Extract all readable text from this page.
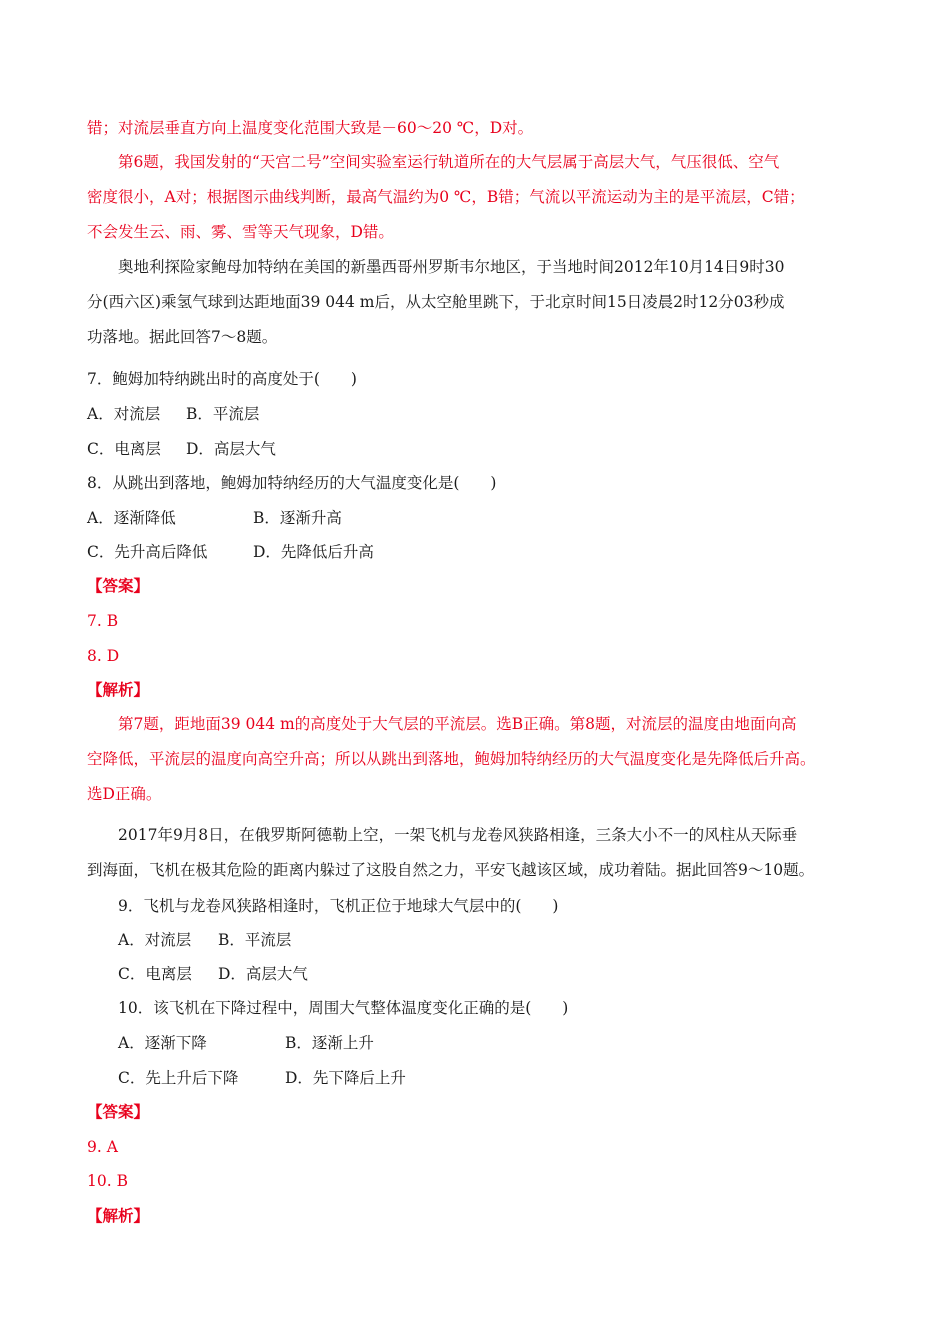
错；对流层垂直方向上温度变化范围大致是－60～20 ℃，D对。
第6题，我国发射的“天宫二号”空间实验室运行轨道所在的大气层属于高层大气，气压很低、空气
密度很小，A对；根据图示曲线判断，最高气温约为0 ℃，B错；气流以平流运动为主的是平流层，C错；
不会发生云、雨、雾、雪等天气现象，D错。
奥地利探险家鲍母加特纳在美国的新墨西哥州罗斯韦尔地区，于当地时间2012年10月14日9时30
分(西六区)乘氢气球到达距地面39 044 m后，从太空舱里跳下，于北京时间15日凌晨2时12分03秒成
功落地。据此回答7～8题。
7．鲍姆加特纳跳出时的高度处于(　　)
A．对流层 B．平流层
C．电离层 D．高层大气
8．从跳出到落地，鲍姆加特纳经历的大气温度变化是(　　)
A．逐渐降低	B．逐渐升高
C．先升高后降低	D．先降低后升高
【答案】
7. B
8. D
【解析】
第7题，距地面39 044 m的高度处于大气层的平流层。选B正确。第8题，对流层的温度由地面向高
空降低，平流层的温度向高空升高；所以从跳出到落地，鲍姆加特纳经历的大气温度变化是先降低后升高。
选D正确。
2017年9月8日，在俄罗斯阿德勒上空，一架飞机与龙卷风狭路相逢，三条大小不一的风柱从天际垂
到海面，飞机在极其危险的距离内躲过了这股自然之力，平安飞越该区域，成功着陆。据此回答9～10题。
9．飞机与龙卷风狭路相逢时，飞机正位于地球大气层中的(　　)
A．对流层 B．平流层
C．电离层 D．高层大气
10．该飞机在下降过程中，周围大气整体温度变化正确的是(　　)
A．逐渐下降	B．逐渐上升
C．先上升后下降	D．先下降后上升
【答案】
9. A
10. B
【解析】
